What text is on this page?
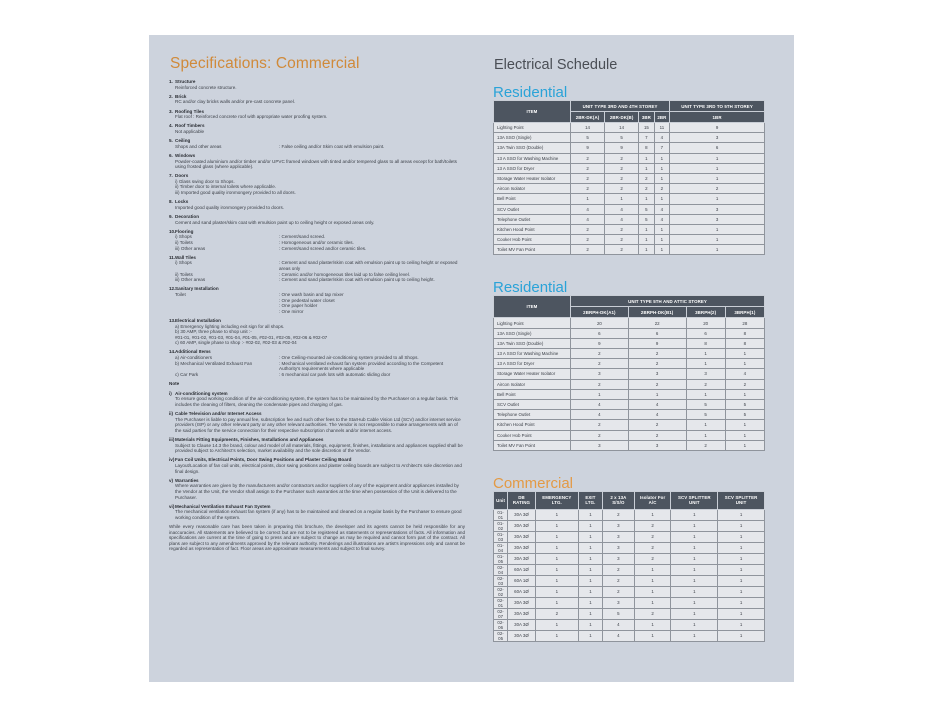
Specifications: Commercial
1. Structure
Reinforced concrete structure.
2. Brick
RC and/or clay bricks walls and/or pre-cast concrete panel.
3. Roofing Tiles
Flat roof : Reinforced concrete roof with appropriate water proofing system.
4. Roof Timbers
Not applicable
5. Ceiling
Shops and other areas	: False ceiling and/or Skim coat with emulsion paint.
6. Windows
Powder-coated aluminium and/or timber and/or UPVC framed windows with tinted and/or tempered glass to all areas except for bath/toilets using frosted glass (where applicable).
7. Doors
i) Glass swing door to Shops.
ii) Timber door to internal toilets where applicable.
iii) Imported good quality ironmongery provided to all doors.
8. Locks
Imported good quality ironmongery provided to doors.
9. Decoration
Cement and sand plaster/skim coat with emulsion paint up to ceiling height or exposed areas only.
10.Flooring
i) Shops	: Cement/sand screed.
ii) Toilets	: Homogeneous and/or ceramic tiles.
iii) Other areas	: Cement/sand screed and/or ceramic tiles.
11.Wall Tiles
i) Shops	: Cement and sand plaster/skim coat with emulsion paint up to ceiling height or exposed areas only
ii) Toilets	: Ceramic and/or homogeneous tiles laid up to false ceiling level.
iii) Other areas	: Cement and sand plaster/skim coat with emulsion paint up to ceiling height.
12.Sanitary Installation
Toilet	: One wash basin and tap mixer
: One pedestal water closet
: One paper holder
: One mirror
13.Electrical Installation
a) Emergency lighting including exit sign for all shops.
b) 30 AMP, three phase to shop unit :-
#01-01, #01-02, #01-03, #01-04, #01-05, #02-01, #02-05, #02-06 & #02-07
c) 60 AMP, single phase to shop :- #02-02, #02-03 & #02-04
14.Additional Items
a) Air-conditioners	: One Ceiling-mounted air-conditioning system provided to all Shops.
b) Mechanical Ventilated Exhaust Fan	: Mechanical ventilated exhaust fan system provided according to the Competent Authority's requirements where applicable
c) Car Park	: 6 mechanical car park lots with automatic sliding door
Note
i) Air-conditioning system
To ensure good working condition of the air-conditioning system, the system has to be maintained by the Purchaser on a regular basis. This includes the cleaning of filters, cleaning the condensate pipes and charging of gas.
ii) Cable Television and/or Internet Access
The Purchaser is liable to pay annual fee, subscription fee and such other fees to the StarHub Cable Vision Ltd (SCV) and/or internet service providers (ISP) or any other relevant party or any other relevant authorities. The Vendor is not responsible to make arrangements with an of the said parties for the service connection for their respective subscription channels and/or internet access.
iii)Materials Fitting Equipments, Finishes, Installations and Appliances
Subject to Clause 14.3 the brand, colour and model of all materials, fittings, equipment, finishes, installations and appliances supplied shall be provided subject to Architect's selection, market availability and the sole discretion of the Vendor.
iv)Fan Coil Units, Electrical Points, Door Swing Positions and Plaster Ceiling Board
Layout/Location of fan coil units, electrical points, door swing positions and plaster ceiling boards are subject to Architect's sole discretion and final design.
v) Warranties
Where warranties are given by the manufacturers and/or contractors and/or suppliers of any of the equipment and/or appliances installed by the Vendor at the Unit, the Vendor shall assign to the Purchaser such warranties at the time when possession of the Unit is delivered to the Purchaser.
vi)Mechanical Ventilation Exhaust Fan System
The mechanical ventilation exhaust fan system (if any) has to be maintained and cleaned on a regular basis by the Purchaser to ensure good working condition of the system.
While every reasonable care has been taken in preparing this brochure, the developer and its agents cannot be held responsible for any inaccuracies. All statements are believed to be correct but are not to be registered as statements or representations of facts. All information and specifications are current at the time of going to press and are subject to change as may be required and cannot form part of the contract. All plans are subject to any amendments approved by the relevant authority. Renderings and illustrations are artist's impressions only and cannot be regarded as representation of fact. Floor areas are approximate measurements and subject to final survey.
Electrical Schedule
Residential
ITEM	UNIT TYPE 3RD AND 4TH STOREY				UNIT TYPE 3RD TO 5TH STOREY
	2BR-DK(A)	2BR-DK(B)	3BR	2BR	1BR
Lighting Point	14	14	15	11	9
13A SSO (Single)	5	5	7	4	3
13A Twin SSO (Double)	9	9	8	7	6
13 A SSO for Washing Machine	2	2	1	1	1
13 A SSO for Dryer	2	2	1	1	1
Storage Water Heater Isolator	2	2	2	1	1
Aircon Isolator	2	2	2	2	2
Bell Point	1	1	1	1	1
SCV Outlet	4	4	5	4	3
Telephone Outlet	4	4	5	4	3
Kitchen Hood Point	2	2	1	1	1
Cooker Hob Point	2	2	1	1	1
Toilet MV Fan Point	2	2	1	1	1
Residential
ITEM	UNIT TYPE 5TH AND ATTIC STOREY			
	2BRPH-DK(A1)	2BRPH-DK(B1)	3BRPH(2)	3BRPH(1)
Lighting Point	20	22	20	28
13A SSO (Single)	6	6	6	8
13A Twin SSO (Double)	9	9	8	8
13 A SSO for Washing Machine	2	2	1	1
13 A SSO for Dryer	2	2	1	1
Storage Water Heater Isolator	3	3	3	4
Aircon Isolator	2	2	2	2
Bell Point	1	1	1	1
SCV Outlet	4	4	5	5
Telephone Outlet	4	4	5	5
Kitchen Hood Point	2	2	1	1
Cooker Hob Point	2	2	1	1
Toilet MV Fan Point	3	3	2	1
Commercial
Unit	DB RATING	EMERGENCY LTG.	EXIT LTG.	2 x 13A S/S/O	Isolator For A/C	SCV SPLITTER UNIT	SCV SPLITTER UNIT
01-01	30A 3Ø	1	1	2	1	1	1
01-02	30A 3Ø	1	1	3	2	1	1
01-03	30A 3Ø	1	1	3	2	1	1
01-04	30A 3Ø	1	1	3	2	1	1
01-05	30A 3Ø	1	1	3	2	1	1
02-04	60A 1Ø	1	1	2	1	1	1
02-03	60A 1Ø	1	1	2	1	1	1
02-02	60A 1Ø	1	1	2	1	1	1
02-01	30A 3Ø	1	1	3	1	1	1
02-07	30A 3Ø	2	1	5	2	1	1
02-06	30A 3Ø	1	1	4	1	1	1
02-05	30A 3Ø	1	1	4	1	1	1
